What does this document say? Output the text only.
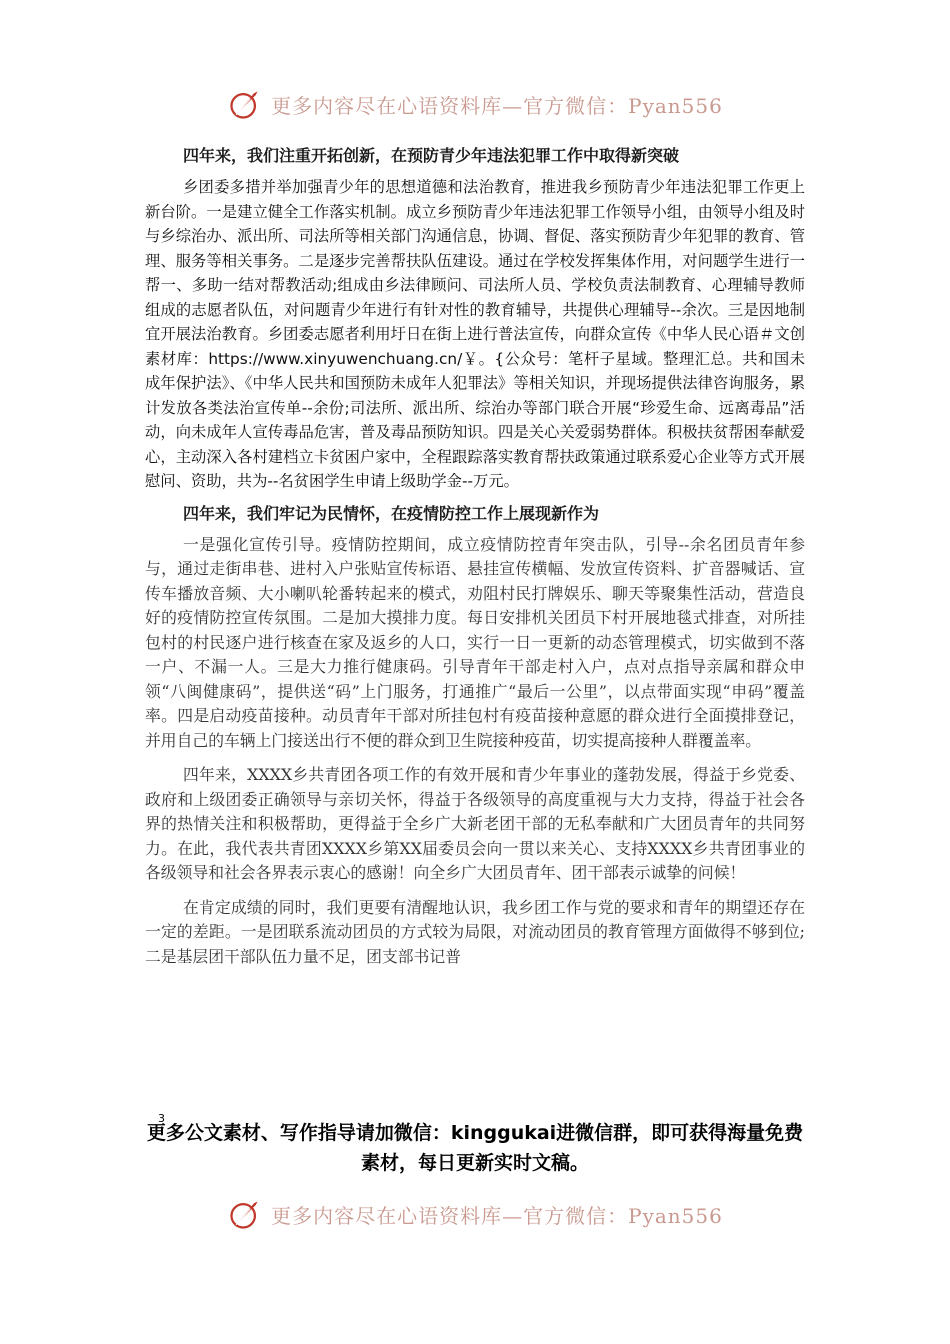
更多内容尽在心语资料库—官方微信：Pyan556

四年来，我们注重开拓创新，在预防青少年违法犯罪工作中取得新突破

乡团委多措并举加强青少年的思想道德和法治教育，推进我乡预防青少年违法犯罪工作更上新台阶。一是建立健全工作落实机制。成立乡预防青少年违法犯罪工作领导小组，由领导小组及时与乡综治办、派出所、司法所等相关部门沟通信息，协调、督促、落实预防青少年犯罪的教育、管理、服务等相关事务。二是逐步完善帮扶队伍建设。通过在学校发挥集体作用，对问题学生进行一帮一、多助一结对帮教活动;组成由乡法律顾问、司法所人员、学校负责法制教育、心理辅导教师组成的志愿者队伍，对问题青少年进行有针对性的教育辅导，共提供心理辅导--余次。三是因地制宜开展法治教育。乡团委志愿者利用圩日在街上进行普法宣传，向群众宣传《中华人民心语＃文创素材库：https://www.xinyuwenchuang.cn/￥。{公众号：笔杆子星域。整理汇总。共和国未成年保护法》、《中华人民共和国预防未成年人犯罪法》等相关知识，并现场提供法律咨询服务，累计发放各类法治宣传单--余份;司法所、派出所、综治办等部门联合开展“珍爱生命、远离毒品”活动，向未成年人宣传毒品危害，普及毒品预防知识。四是关心关爱弱势群体。积极扶贫帮困奉献爱心，主动深入各村建档立卡贫困户家中，全程跟踪落实教育帮扶政策通过联系爱心企业等方式开展慰问、资助，共为--名贫困学生申请上级助学金--万元。

四年来，我们牢记为民情怀，在疫情防控工作上展现新作为

一是强化宣传引导。疫情防控期间，成立疫情防控青年突击队，引导--余名团员青年参与，通过走街串巷、进村入户张贴宣传标语、悬挂宣传横幅、发放宣传资料、扩音器喊话、宣传车播放音频、大小喇叭轮番转起来的模式，劝阻村民打牌娱乐、聊天等聚集性活动，营造良好的疫情防控宣传氛围。二是加大摸排力度。每日安排机关团员下村开展地毯式排查，对所挂包村的村民逐户进行核查在家及返乡的人口，实行一日一更新的动态管理模式，切实做到不落一户、不漏一人。三是大力推行健康码。引导青年干部走村入户，点对点指导亲属和群众申领“八闽健康码”，提供送“码”上门服务，打通推广“最后一公里”，以点带面实现“申码”覆盖率。四是启动疫苗接种。动员青年干部对所挂包村有疫苗接种意愿的群众进行全面摸排登记，并用自己的车辆上门接送出行不便的群众到卫生院接种疫苗，切实提高接种人群覆盖率。

四年来，XXXX乡共青团各项工作的有效开展和青少年事业的蓬勃发展，得益于乡党委、政府和上级团委正确领导与亲切关怀，得益于各级领导的高度重视与大力支持，得益于社会各界的热情关注和积极帮助，更得益于全乡广大新老团干部的无私奉献和广大团员青年的共同努力。在此，我代表共青团XXXX乡第XX届委员会向一贯以来关心、支持XXXX乡共青团事业的各级领导和社会各界表示衷心的感谢！向全乡广大团员青年、团干部表示诚挚的问候！

在肯定成绩的同时，我们更要有清醒地认识，我乡团工作与党的要求和青年的期望还存在一定的差距。一是团联系流动团员的方式较为局限，对流动团员的教育管理方面做得不够到位;二是基层团干部队伍力量不足，团支部书记普

3
更多公文素材、写作指导请加微信：kinggukai进微信群，即可获得海量免费素材，每日更新实时文稿。
更多内容尽在心语资料库—官方微信：Pyan556
